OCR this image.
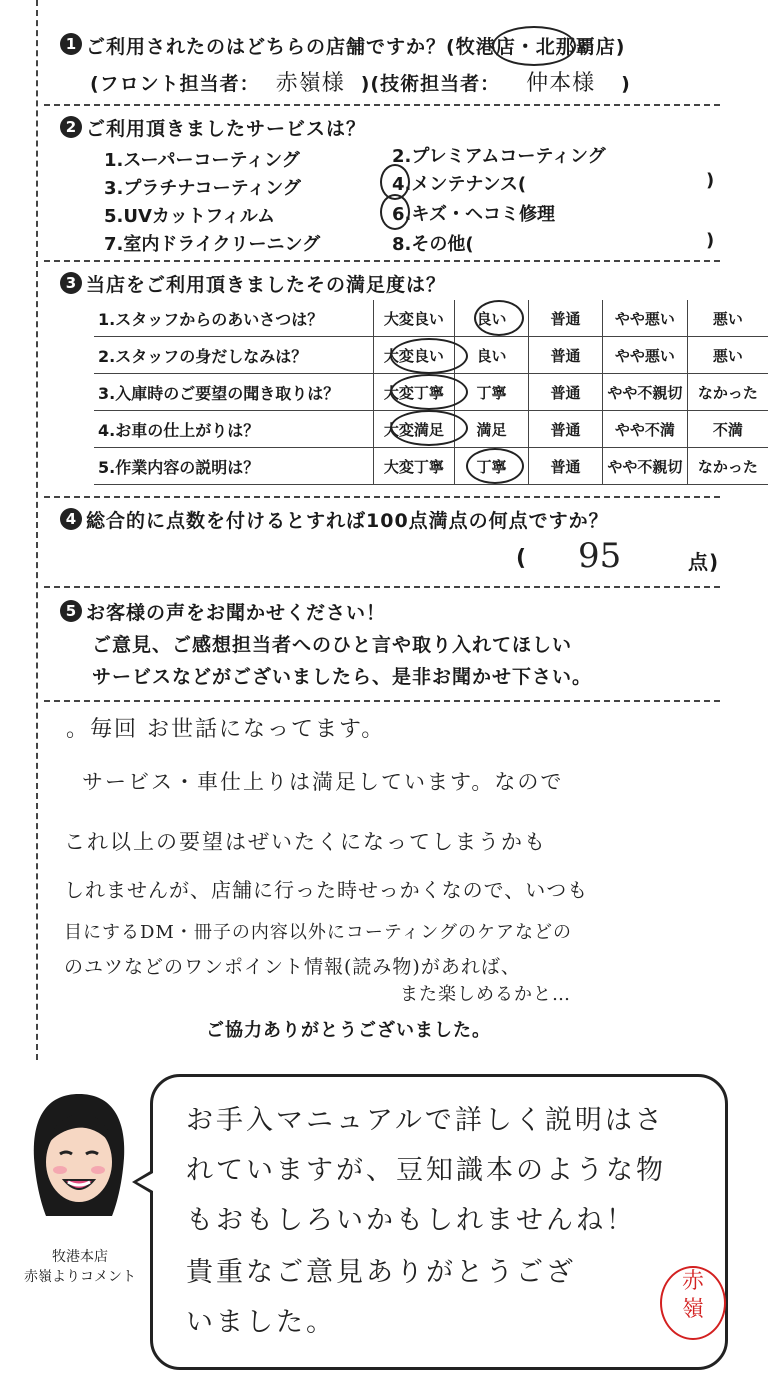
1 ご利用されたのはどちらの店舗ですか？(牧港店・北那覇店)
(フロント担当者： 赤嶺様 )(技術担当者： 仲本様 )
2 ご利用頂きましたサービスは？
1.スーパーコーティング	2.プレミアムコーティング
3.プラチナコーティング	4.メンテナンス(	)
5.UVカットフィルム	6.キズ・ヘコミ修理
7.室内ドライクリーニング	8.その他(	)
3 当店をご利用頂きましたその満足度は？
1.スタッフからのあいさつは？	大変良い	良い	普通	やや悪い	悪い
2.スタッフの身だしなみは？	大変良い	良い	普通	やや悪い	悪い
3.入庫時のご要望の聞き取りは？	大変丁寧	丁寧	普通	やや不親切	なかった
4.お車の仕上がりは？	大変満足	満足	普通	やや不満	不満
5.作業内容の説明は？	大変丁寧	丁寧	普通	やや不親切	なかった
4 総合的に点数を付けるとすれば100点満点の何点ですか？
( 95	点)
5 お客様の声をお聞かせください！
ご意見、ご感想担当者へのひと言や取り入れてほしい
サービスなどがございましたら、是非お聞かせ下さい。
。毎回 お世話になってます。
サービス・車仕上りは満足しています。なので
これ以上の要望はぜいたくになってしまうかも
しれませんが、店舗に行った時せっかくなので、いつも
目にするDM・冊子の内容以外にコーティングのケアなどの
のユツなどのワンポイント情報(読み物)があれば、
また楽しめるかと…
ご協力ありがとうございました。
牧港本店
赤嶺よりコメント
お手入マニュアルで詳しく説明はさ
れていますが、豆知識本のような物
もおもしろいかもしれませんね！
貴重なご意見ありがとうござ
いました。
赤
嶺
